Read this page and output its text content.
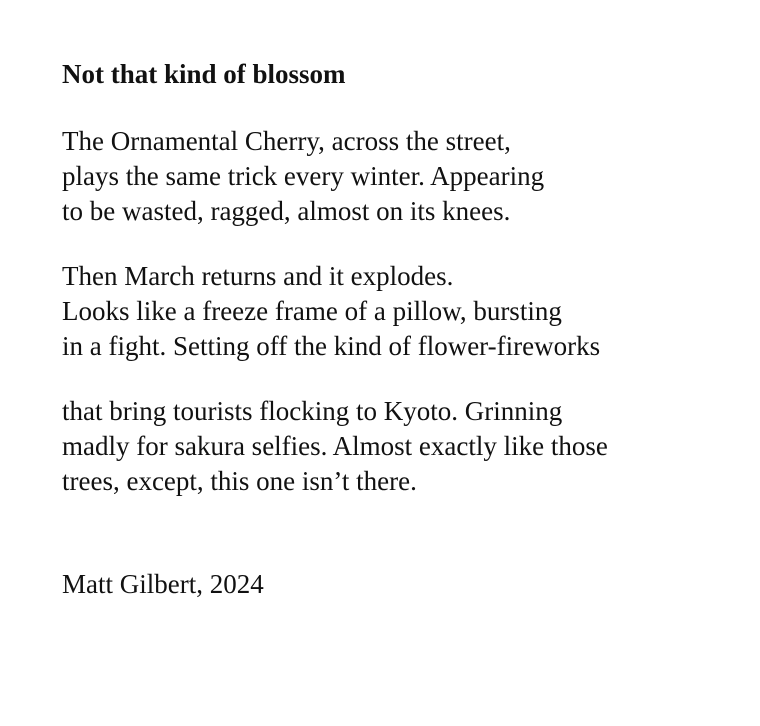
Not that kind of blossom
The Ornamental Cherry, across the street,
plays the same trick every winter. Appearing
to be wasted, ragged, almost on its knees.
Then March returns and it explodes.
Looks like a freeze frame of a pillow, bursting
in a fight. Setting off the kind of flower-fireworks
that bring tourists flocking to Kyoto. Grinning
madly for sakura selfies. Almost exactly like those
trees, except, this one isn’t there.
Matt Gilbert, 2024
